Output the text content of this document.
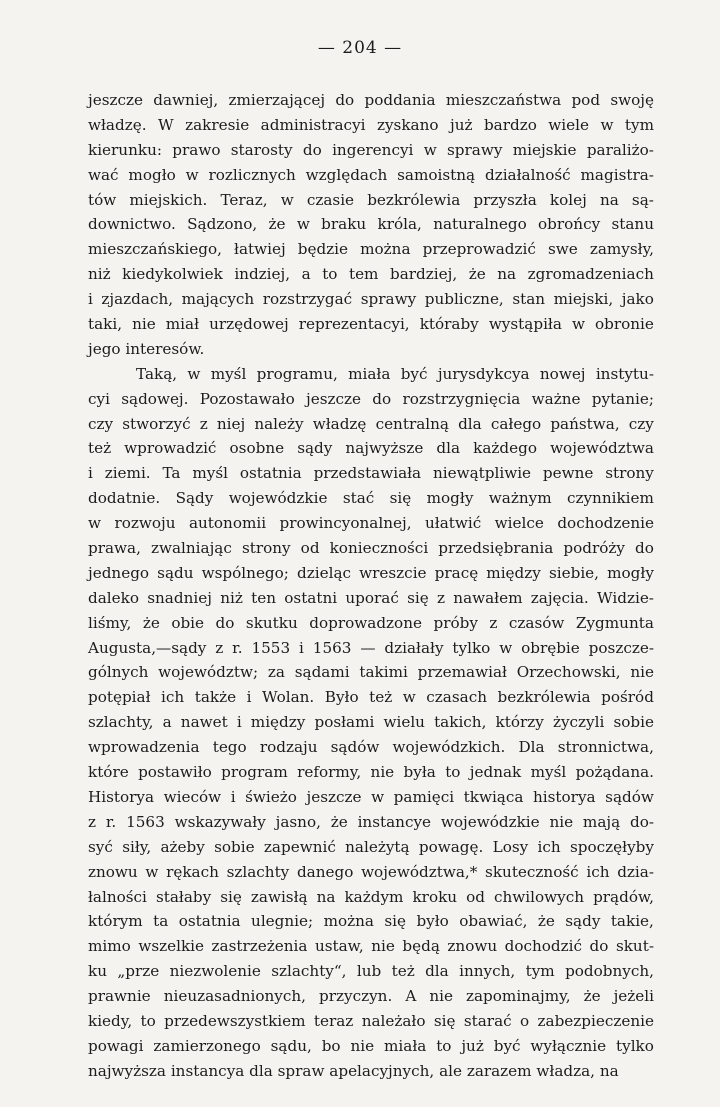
— 204 —
jeszcze dawniej, zmierzającej do poddania mieszczaństwa pod swoję
władzę. W zakresie administracyi zyskano już bardzo wiele w tym
kierunku: prawo starosty do ingerencyi w sprawy miejskie paraliżo-
wać mogło w rozlicznych względach samoistną działalność magistra-
tów miejskich. Teraz, w czasie bezkrólewia przyszła kolej na są-
downictwo. Sądzono, że w braku króla, naturalnego obrońcy stanu
mieszczańskiego, łatwiej będzie można przeprowadzić swe zamysły,
niż kiedykolwiek indziej, a to tem bardziej, że na zgromadzeniach
i zjazdach, mających rozstrzygać sprawy publiczne, stan miejski, jako
taki, nie miał urzędowej reprezentacyi, któraby wystąpiła w obronie
jego
interesów.
Taką, w myśl programu, miała być jurysdykcya nowej instytu-
cyi sądowej. Pozostawało jeszcze do rozstrzygnięcia ważne pytanie;
czy stworzyć z niej należy władzę centralną dla całego państwa, czy
też wprowadzić osobne sądy najwyższe dla każdego województwa
i ziemi. Ta myśl ostatnia przedstawiała niewątpliwie pewne strony
dodatnie. Sądy wojewódzkie stać się mogły ważnym czynnikiem
w rozwoju autonomii prowincyonalnej, ułatwić wielce dochodzenie
prawa, zwalniając strony od konieczności przedsiębrania podróży do
jednego sądu wspólnego; dzieląc wreszcie pracę między siebie, mogły
daleko snadniej niż ten ostatni uporać się z nawałem zajęcia. Widzie-
liśmy, że obie do skutku doprowadzone próby z czasów Zygmunta
Augusta,—sądy z r. 1553 i 1563 — działały tylko w obrębie poszcze-
gólnych województw; za sądami takimi przemawiał Orzechowski, nie
potępiał ich także i Wolan. Było też w czasach bezkrólewia pośród
szlachty, a nawet i między posłami wielu takich, którzy życzyli sobie
wprowadzenia tego rodzaju sądów wojewódzkich. Dla stronnictwa,
które postawiło program reformy, nie była to jednak myśl pożądana.
Historya wieców i świeżo jeszcze w pamięci tkwiąca historya sądów
z r. 1563 wskazywały jasno, że instancye wojewódzkie nie mają do-
syć siły, ażeby sobie zapewnić należytą powagę. Losy ich spoczęłyby
znowu w rękach szlachty danego województwa,* skuteczność ich dzia-
łalności stałaby się zawisłą na każdym kroku od chwilowych prądów,
którym ta ostatnia ulegnie; można się było obawiać, że sądy takie,
mimo wszelkie zastrzeżenia ustaw, nie będą znowu dochodzić do skut-
ku „prze niezwolenie szlachty“, lub też dla innych, tym podobnych,
prawnie nieuzasadnionych, przyczyn. A nie zapominajmy, że jeżeli
kiedy, to przedewszystkiem teraz należało się starać o zabezpieczenie
powagi zamierzonego sądu, bo nie miała to już być wyłącznie tylko
najwyższa
instancya
dla
spraw
apelacyjnych,
ale
zarazem
władza,
na
